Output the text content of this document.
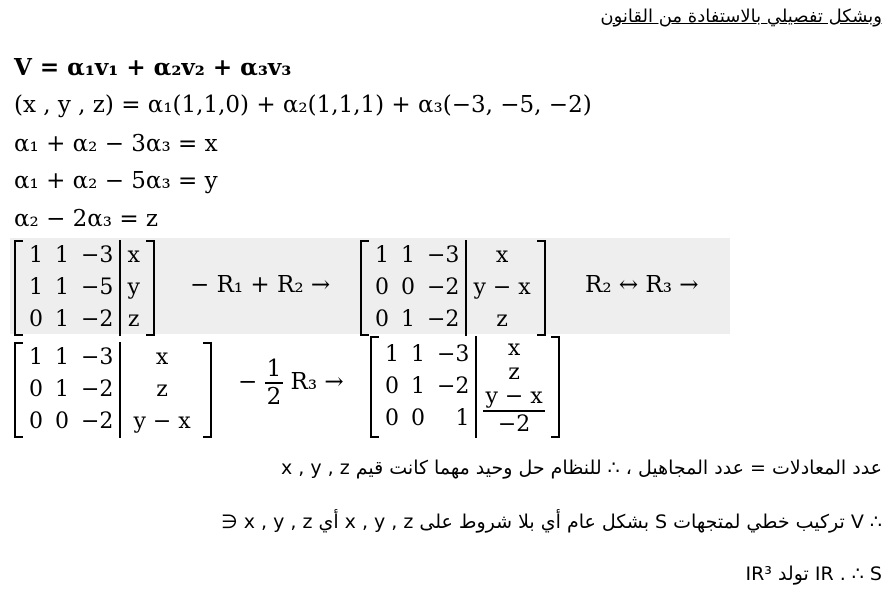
وبشكل تفصيلي بالاستفادة من القانون
V = α₁v₁ + α₂v₂ + α₃v₃
(x , y , z) = α₁(1,1,0) + α₂(1,1,1) + α₃(−3, −5, −2)
α₁ + α₂ − 3α₃ = x
α₁ + α₂ − 5α₃ = y
α₂ − 2α₃ = z
1 1 −3
1 1 −5
0 1 −2
x
y
z
− R₁ + R₂ →
1 1 −3
0 0 −2
0 1 −2
x
y − x
z
R₂ ↔ R₃ →
1 1 −3
0 1 −2
0 0 −2
x
z
y − x
− $\frac{1}{2} R_3$ →
1 1 −3
0 1 −2
0 0	1
x
z
$\frac{y - x}{-2}$
عدد المعادلات = عدد المجاهيل ، ∴ للنظام حل وحيد مهما كانت قيم x , y , z
∴ V تركيب خطي لمتجهات S بشكل عام أي بلا شروط على x , y , z أي x , y , z ∈
IR . ∴ S تولد IR³
